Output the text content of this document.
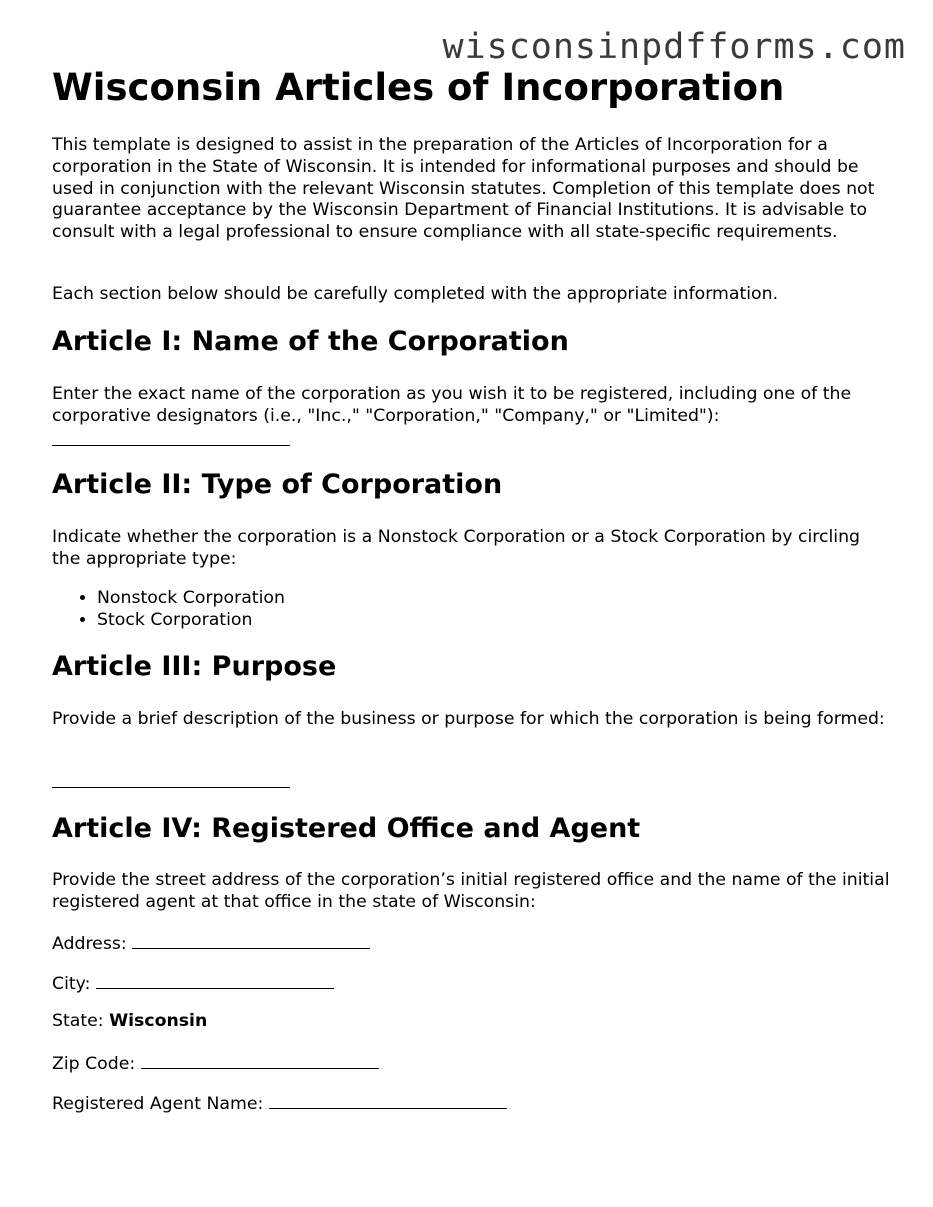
wisconsinpdfforms.com
Wisconsin Articles of Incorporation

This template is designed to assist in the preparation of the Articles of Incorporation for a corporation in the State of Wisconsin. It is intended for informational purposes and should be used in conjunction with the relevant Wisconsin statutes. Completion of this template does not guarantee acceptance by the Wisconsin Department of Financial Institutions. It is advisable to consult with a legal professional to ensure compliance with all state-specific requirements.

Each section below should be carefully completed with the appropriate information.

Article I: Name of the Corporation

Enter the exact name of the corporation as you wish it to be registered, including one of the corporative designators (i.e., "Inc.," "Corporation," "Company," or "Limited"):

Article II: Type of Corporation

Indicate whether the corporation is a Nonstock Corporation or a Stock Corporation by circling the appropriate type:

• Nonstock Corporation
• Stock Corporation
Article III: Purpose

Provide a brief description of the business or purpose for which the corporation is being formed:

Article IV: Registered Office and Agent

Provide the street address of the corporation’s initial registered office and the name of the initial registered agent at that office in the state of Wisconsin:

Address:
City:
State: Wisconsin
Zip Code:
Registered Agent Name:
